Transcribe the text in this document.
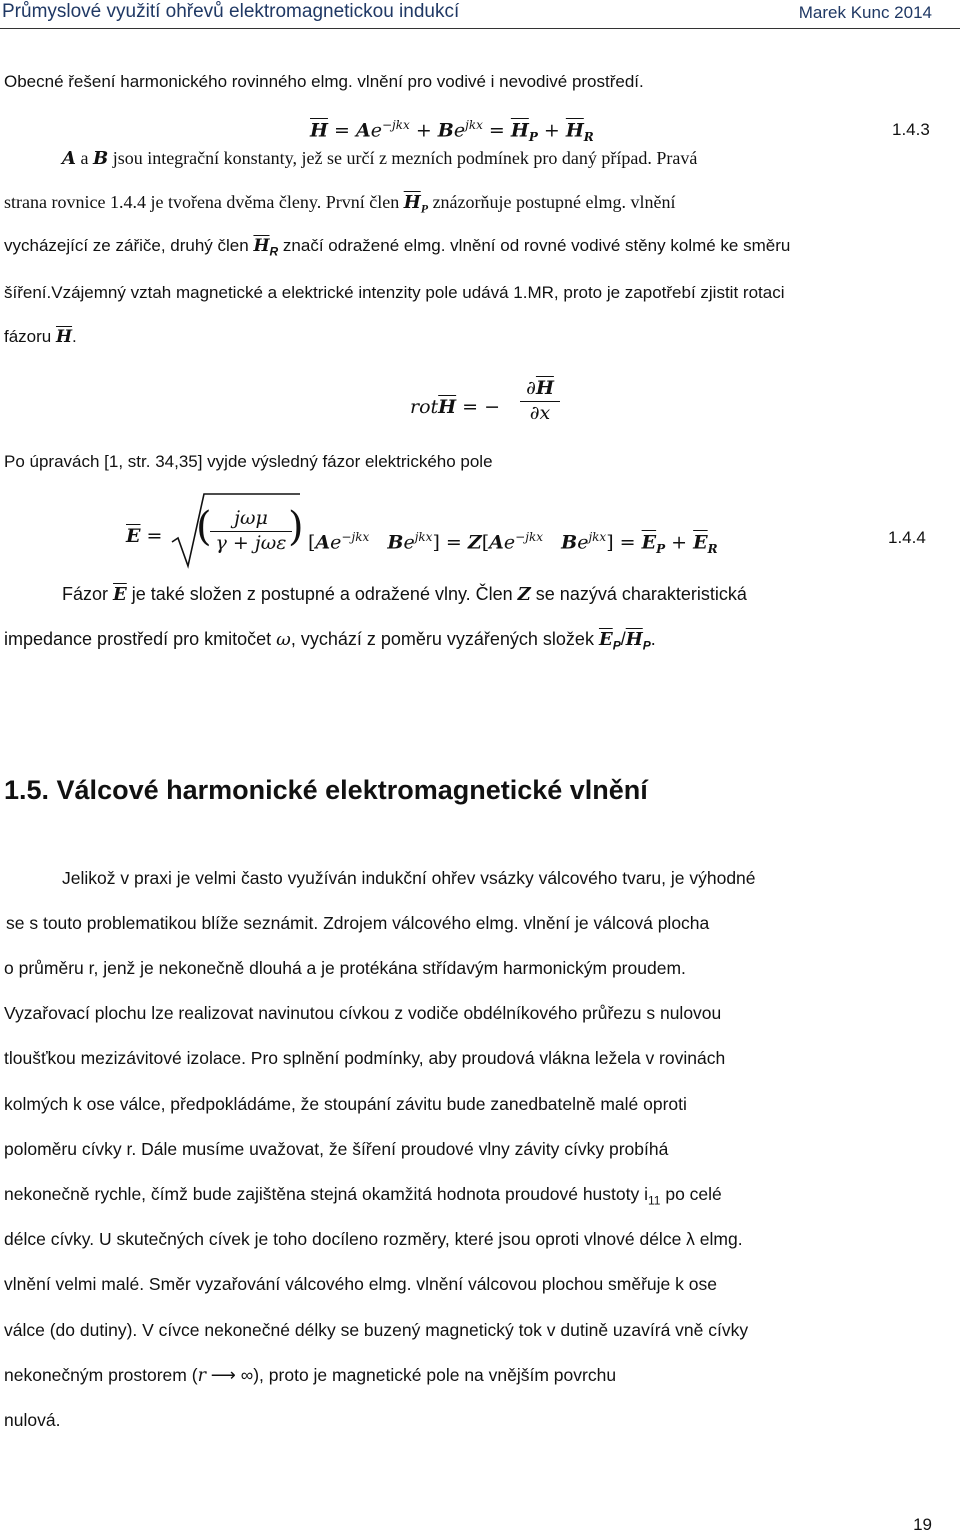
Průmyslové využití ohřevů elektromagnetickou indukcí	Marek Kunc 2014
Obecné řešení harmonického rovinného elmg. vlnění pro vodivé i nevodivé prostředí.
$\overline{H} = Ae^{-jkx} + Be^{jkx} = \overline{H}_P + \overline{H}_R$	1.4.3
A a B jsou integrační konstanty, jež se určí z mezních podmínek pro daný případ. Pravá
strana rovnice 1.4.4 je tvořena dvěma členy. První člen $\overline{H}_P$ znázorňuje postupné elmg. vlnění
vycházející ze zářiče, druhý člen $\overline{H}_R$ značí odražené elmg. vlnění od rovné vodivé stěny kolmé ke směru
šíření.Vzájemný vztah magnetické a elektrické intenzity pole udává 1.MR, proto je zapotřebí zjistit rotaci
fázoru $\overline{H}$.
$rot\overline{H}$ = −
$\partial\overline{H}$
∂x
Po úpravách [1, str. 34,35] vyjde výsledný fázor elektrického pole
$\overline{E}$ = (	jωμ
γ + jωε ) [$Ae^{-jkx}$ $Be^{jkx}] = Z[Ae^{-jkx}$ $Be^{jkx}] = \overline{E}_P + \overline{E}_R$
1.4.4
Fázor $\overline{E}$ je také složen z postupné a odražené vlny. Člen Z se nazývá charakteristická
impedance prostředí pro kmitočet ω, vychází z poměru vyzářených složek $\overline{E}_P/\overline{H}_P$.
1.5. Válcové harmonické elektromagnetické vlnění
Jelikož v praxi je velmi často využíván indukční ohřev vsázky válcového tvaru, je výhodné
se s touto problematikou blíže seznámit. Zdrojem válcového elmg. vlnění je válcová plocha
o průměru r, jenž je nekonečně dlouhá a je protékána střídavým harmonickým proudem.
Vyzařovací plochu lze realizovat navinutou cívkou z vodiče obdélníkového průřezu s nulovou
tloušťkou mezizávitové izolace. Pro splnění podmínky, aby proudová vlákna ležela v rovinách
kolmých k ose válce, předpokládáme, že stoupání závitu bude zanedbatelně malé oproti
poloměru cívky r. Dále musíme uvažovat, že šíření proudové vlny závity cívky probíhá
nekonečně rychle, čímž bude zajištěna stejná okamžitá hodnota proudové hustoty $i_{11}$ po celé
délce cívky. U skutečných cívek je toho docíleno rozměry, které jsou oproti vlnové délce λ elmg.
vlnění velmi malé. Směr vyzařování válcového elmg. vlnění válcovou plochou směřuje k ose
válce (do dutiny). V cívce nekonečné délky se buzený magnetický tok v dutině uzavírá vně cívky
nekonečným prostorem (r ⟶ ∞), proto je magnetické pole na vnějším povrchu
nulová.
19
